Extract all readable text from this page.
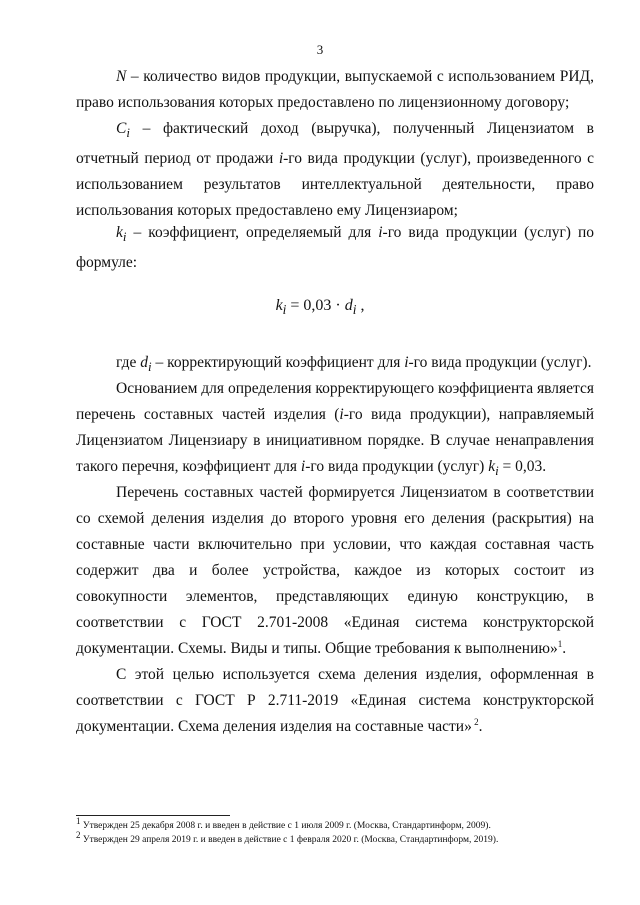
3

N – количество видов продукции, выпускаемой с использованием РИД, право использования которых предоставлено по лицензионному договору;

$C_i$ – фактический доход (выручка), полученный Лицензиатом в отчетный период от продажи i-го вида продукции (услуг), произведенного с использованием результатов интеллектуальной деятельности, право использования которых предоставлено ему Лицензиаром;

$k_i$ – коэффициент, определяемый для i-го вида продукции (услуг) по формуле:

$k_i = 0,03 \cdot d_i$ ,

где $d_i$ – корректирующий коэффициент для i-го вида продукции (услуг).

Основанием для определения корректирующего коэффициента является перечень составных частей изделия (i-го вида продукции), направляемый Лицензиатом Лицензиару в инициативном порядке. В случае ненаправления такого перечня, коэффициент для i-го вида продукции (услуг) $k_i = 0,03$.

Перечень составных частей формируется Лицензиатом в соответствии со схемой деления изделия до второго уровня его деления (раскрытия) на составные части включительно при условии, что каждая составная часть содержит два и более устройства, каждое из которых состоит из совокупности элементов, представляющих единую конструкцию, в соответствии с ГОСТ 2.701-2008 «Единая система конструкторской документации. Схемы. Виды и типы. Общие требования к выполнению»$^1$.

С этой целью используется схема деления изделия, оформленная в соответствии с ГОСТ Р 2.711-2019 «Единая система конструкторской документации. Схема деления изделия на составные части» $^2$.

$^1$ Утвержден 25 декабря 2008 г. и введен в действие с 1 июля 2009 г. (Москва, Стандартинформ, 2009).
$^2$ Утвержден 29 апреля 2019 г. и введен в действие с 1 февраля 2020 г. (Москва, Стандартинформ, 2019).
